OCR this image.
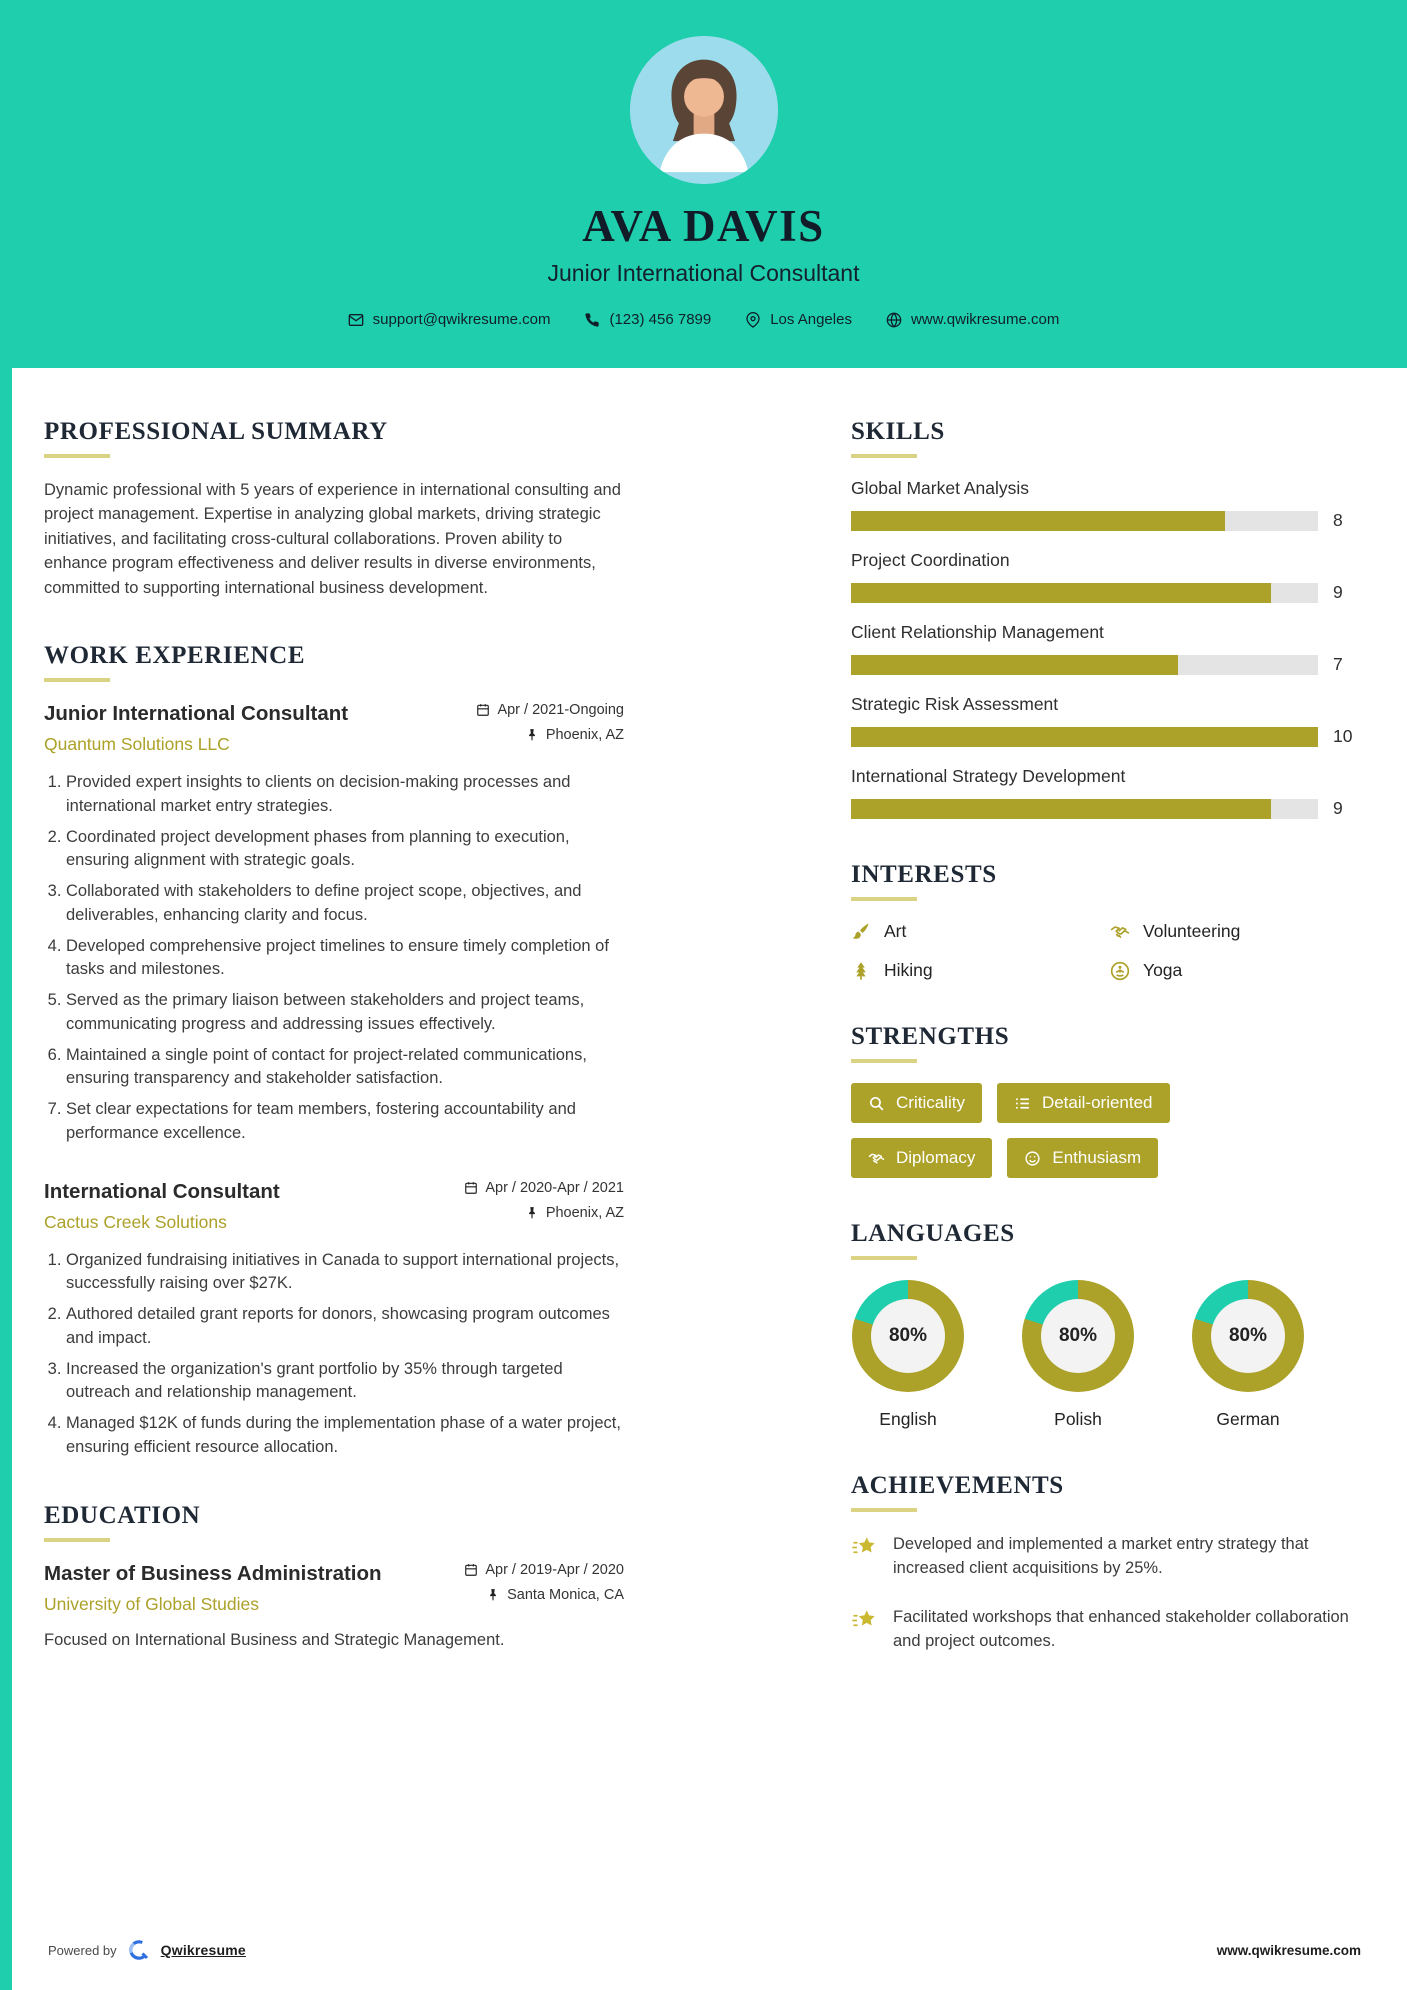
AVA DAVIS
Junior International Consultant
support@qwikresume.com	(123) 456 7899	Los Angeles	www.qwikresume.com
PROFESSIONAL SUMMARY

Dynamic professional with 5 years of experience in international consulting and project management. Expertise in analyzing global markets, driving strategic initiatives, and facilitating cross-cultural collaborations. Proven ability to enhance program effectiveness and deliver results in diverse environments, committed to supporting international business development.

WORK EXPERIENCE
Junior International Consultant
Quantum Solutions LLC
Apr / 2021-Ongoing
Phoenix, AZ
1. Provided expert insights to clients on decision-making processes and international market entry strategies.
2. Coordinated project development phases from planning to execution, ensuring alignment with strategic goals.
3. Collaborated with stakeholders to define project scope, objectives, and deliverables, enhancing clarity and focus.
4. Developed comprehensive project timelines to ensure timely completion of tasks and milestones.
5. Served as the primary liaison between stakeholders and project teams, communicating progress and addressing issues effectively.
6. Maintained a single point of contact for project-related communications, ensuring transparency and stakeholder satisfaction.
7. Set clear expectations for team members, fostering accountability and performance excellence.
International Consultant
Cactus Creek Solutions
Apr / 2020-Apr / 2021
Phoenix, AZ
1. Organized fundraising initiatives in Canada to support international projects, successfully raising over $27K.
2. Authored detailed grant reports for donors, showcasing program outcomes and impact.
3. Increased the organization's grant portfolio by 35% through targeted outreach and relationship management.
4. Managed $12K of funds during the implementation phase of a water project, ensuring efficient resource allocation.
EDUCATION
Master of Business Administration
University of Global Studies
Apr / 2019-Apr / 2020
Santa Monica, CA

Focused on International Business and Strategic Management.

SKILLS
Global Market Analysis
8
Project Coordination
9
Client Relationship Management
7
Strategic Risk Assessment
10
International Strategy Development
9
INTERESTS
Art	Volunteering
Hiking	Yoga
STRENGTHS
Criticality	Detail-oriented
Diplomacy	Enthusiasm
LANGUAGES
80%
English
80%
Polish
80%
German
ACHIEVEMENTS

Developed and implemented a market entry strategy that increased client acquisitions by 25%.

Facilitated workshops that enhanced stakeholder collaboration and project outcomes.

Powered by	Qwikresume	www.qwikresume.com
